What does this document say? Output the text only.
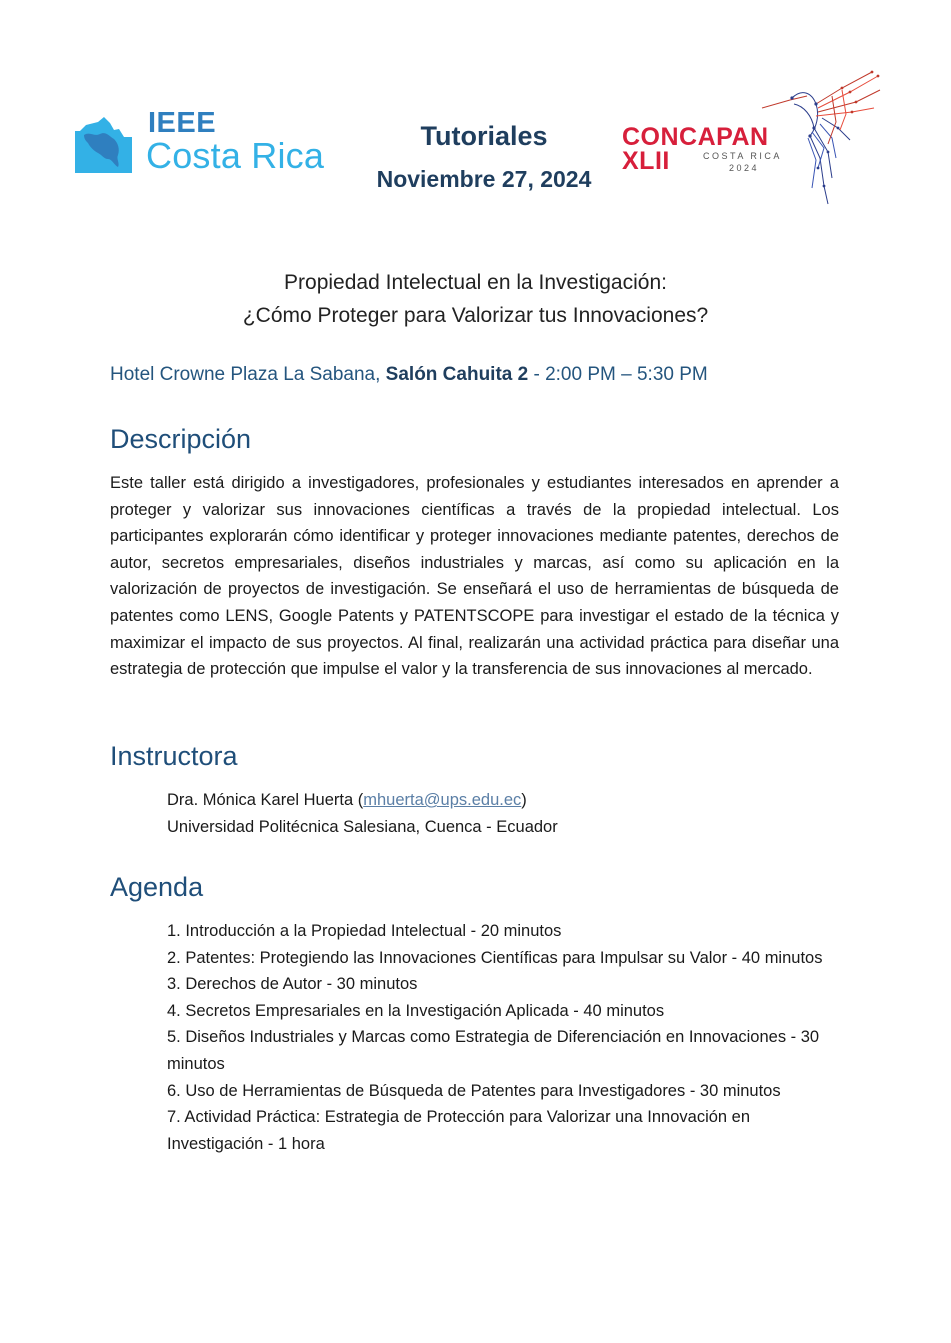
IEEE
Costa Rica	Tutoriales
Noviembre 27, 2024
CONCAPAN
XLII	COSTA RICA
2024
Propiedad Intelectual en la Investigación:
¿Cómo Proteger para Valorizar tus Innovaciones?
Hotel Crowne Plaza La Sabana, Salón Cahuita 2 - 2:00 PM – 5:30 PM
Descripción
Este taller está dirigido a investigadores, profesionales y estudiantes interesados en aprender a proteger y valorizar sus innovaciones científicas a través de la propiedad intelectual. Los participantes explorarán cómo identificar y proteger innovaciones mediante patentes, derechos de autor, secretos empresariales, diseños industriales y marcas, así como su aplicación en la valorización de proyectos de investigación. Se enseñará el uso de herramientas de búsqueda de patentes como LENS, Google Patents y PATENTSCOPE para investigar el estado de la técnica y maximizar el impacto de sus proyectos. Al final, realizarán una actividad práctica para diseñar una estrategia de protección que impulse el valor y la transferencia de sus innovaciones al mercado.
Instructora
Dra. Mónica Karel Huerta (mhuerta@ups.edu.ec)
Universidad Politécnica Salesiana, Cuenca - Ecuador
Agenda
1. Introducción a la Propiedad Intelectual - 20 minutos
2. Patentes: Protegiendo las Innovaciones Científicas para Impulsar su Valor - 40 minutos
3. Derechos de Autor - 30 minutos
4. Secretos Empresariales en la Investigación Aplicada - 40 minutos
5. Diseños Industriales y Marcas como Estrategia de Diferenciación en Innovaciones - 30 minutos
6. Uso de Herramientas de Búsqueda de Patentes para Investigadores - 30 minutos
7. Actividad Práctica: Estrategia de Protección para Valorizar una Innovación en Investigación - 1 hora
